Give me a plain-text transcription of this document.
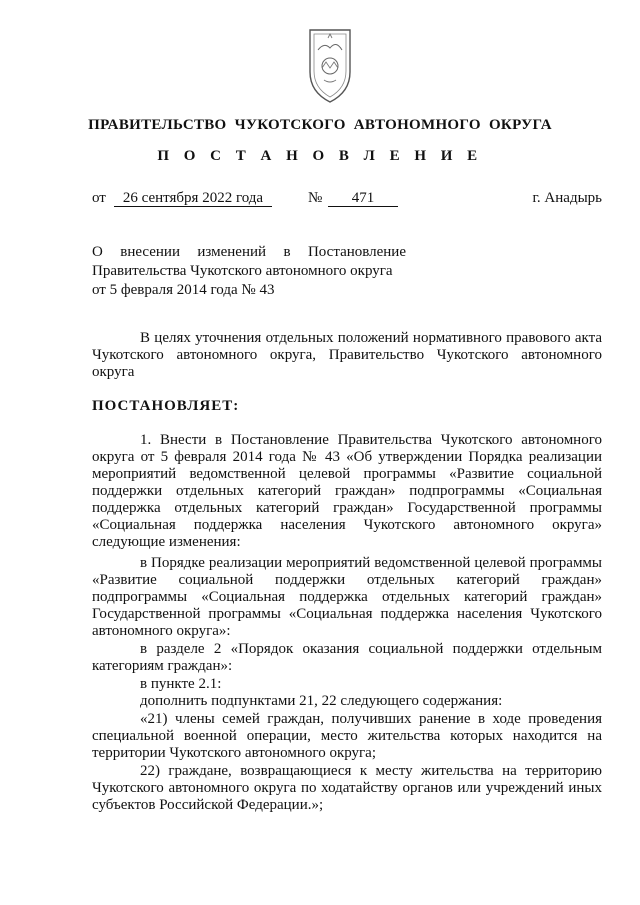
ПРАВИТЕЛЬСТВО  ЧУКОТСКОГО  АВТОНОМНОГО  ОКРУГА
П О С Т А Н О В Л Е Н И Е
от	26 сентября 2022 года	№	471	г. Анадырь
О внесении изменений в Постановление
Правительства Чукотского автономного округа
от 5 февраля 2014 года № 43
В целях уточнения отдельных положений нормативного правового акта Чукотского автономного округа, Правительство Чукотского автономного округа
ПОСТАНОВЛЯЕТ:
1. Внести в Постановление Правительства Чукотского автономного округа от 5 февраля 2014 года № 43 «Об утверждении Порядка реализации мероприятий ведомственной целевой программы «Развитие социальной поддержки отдельных категорий граждан» подпрограммы «Социальная поддержка отдельных категорий граждан» Государственной программы «Социальная поддержка населения Чукотского автономного округа» следующие изменения:
в Порядке реализации мероприятий ведомственной целевой программы «Развитие социальной поддержки отдельных категорий граждан» подпрограммы «Социальная поддержка отдельных категорий граждан» Государственной программы «Социальная поддержка населения Чукотского автономного округа»:
в разделе 2 «Порядок оказания социальной поддержки отдельным категориям граждан»:
в пункте 2.1:
дополнить подпунктами 21, 22 следующего содержания:
«21) члены семей граждан, получивших ранение в ходе проведения специальной военной операции, место жительства которых находится на территории Чукотского автономного округа;
22) граждане, возвращающиеся к месту жительства на территорию Чукотского автономного округа по ходатайству органов или учреждений иных субъектов Российской Федерации.»;
